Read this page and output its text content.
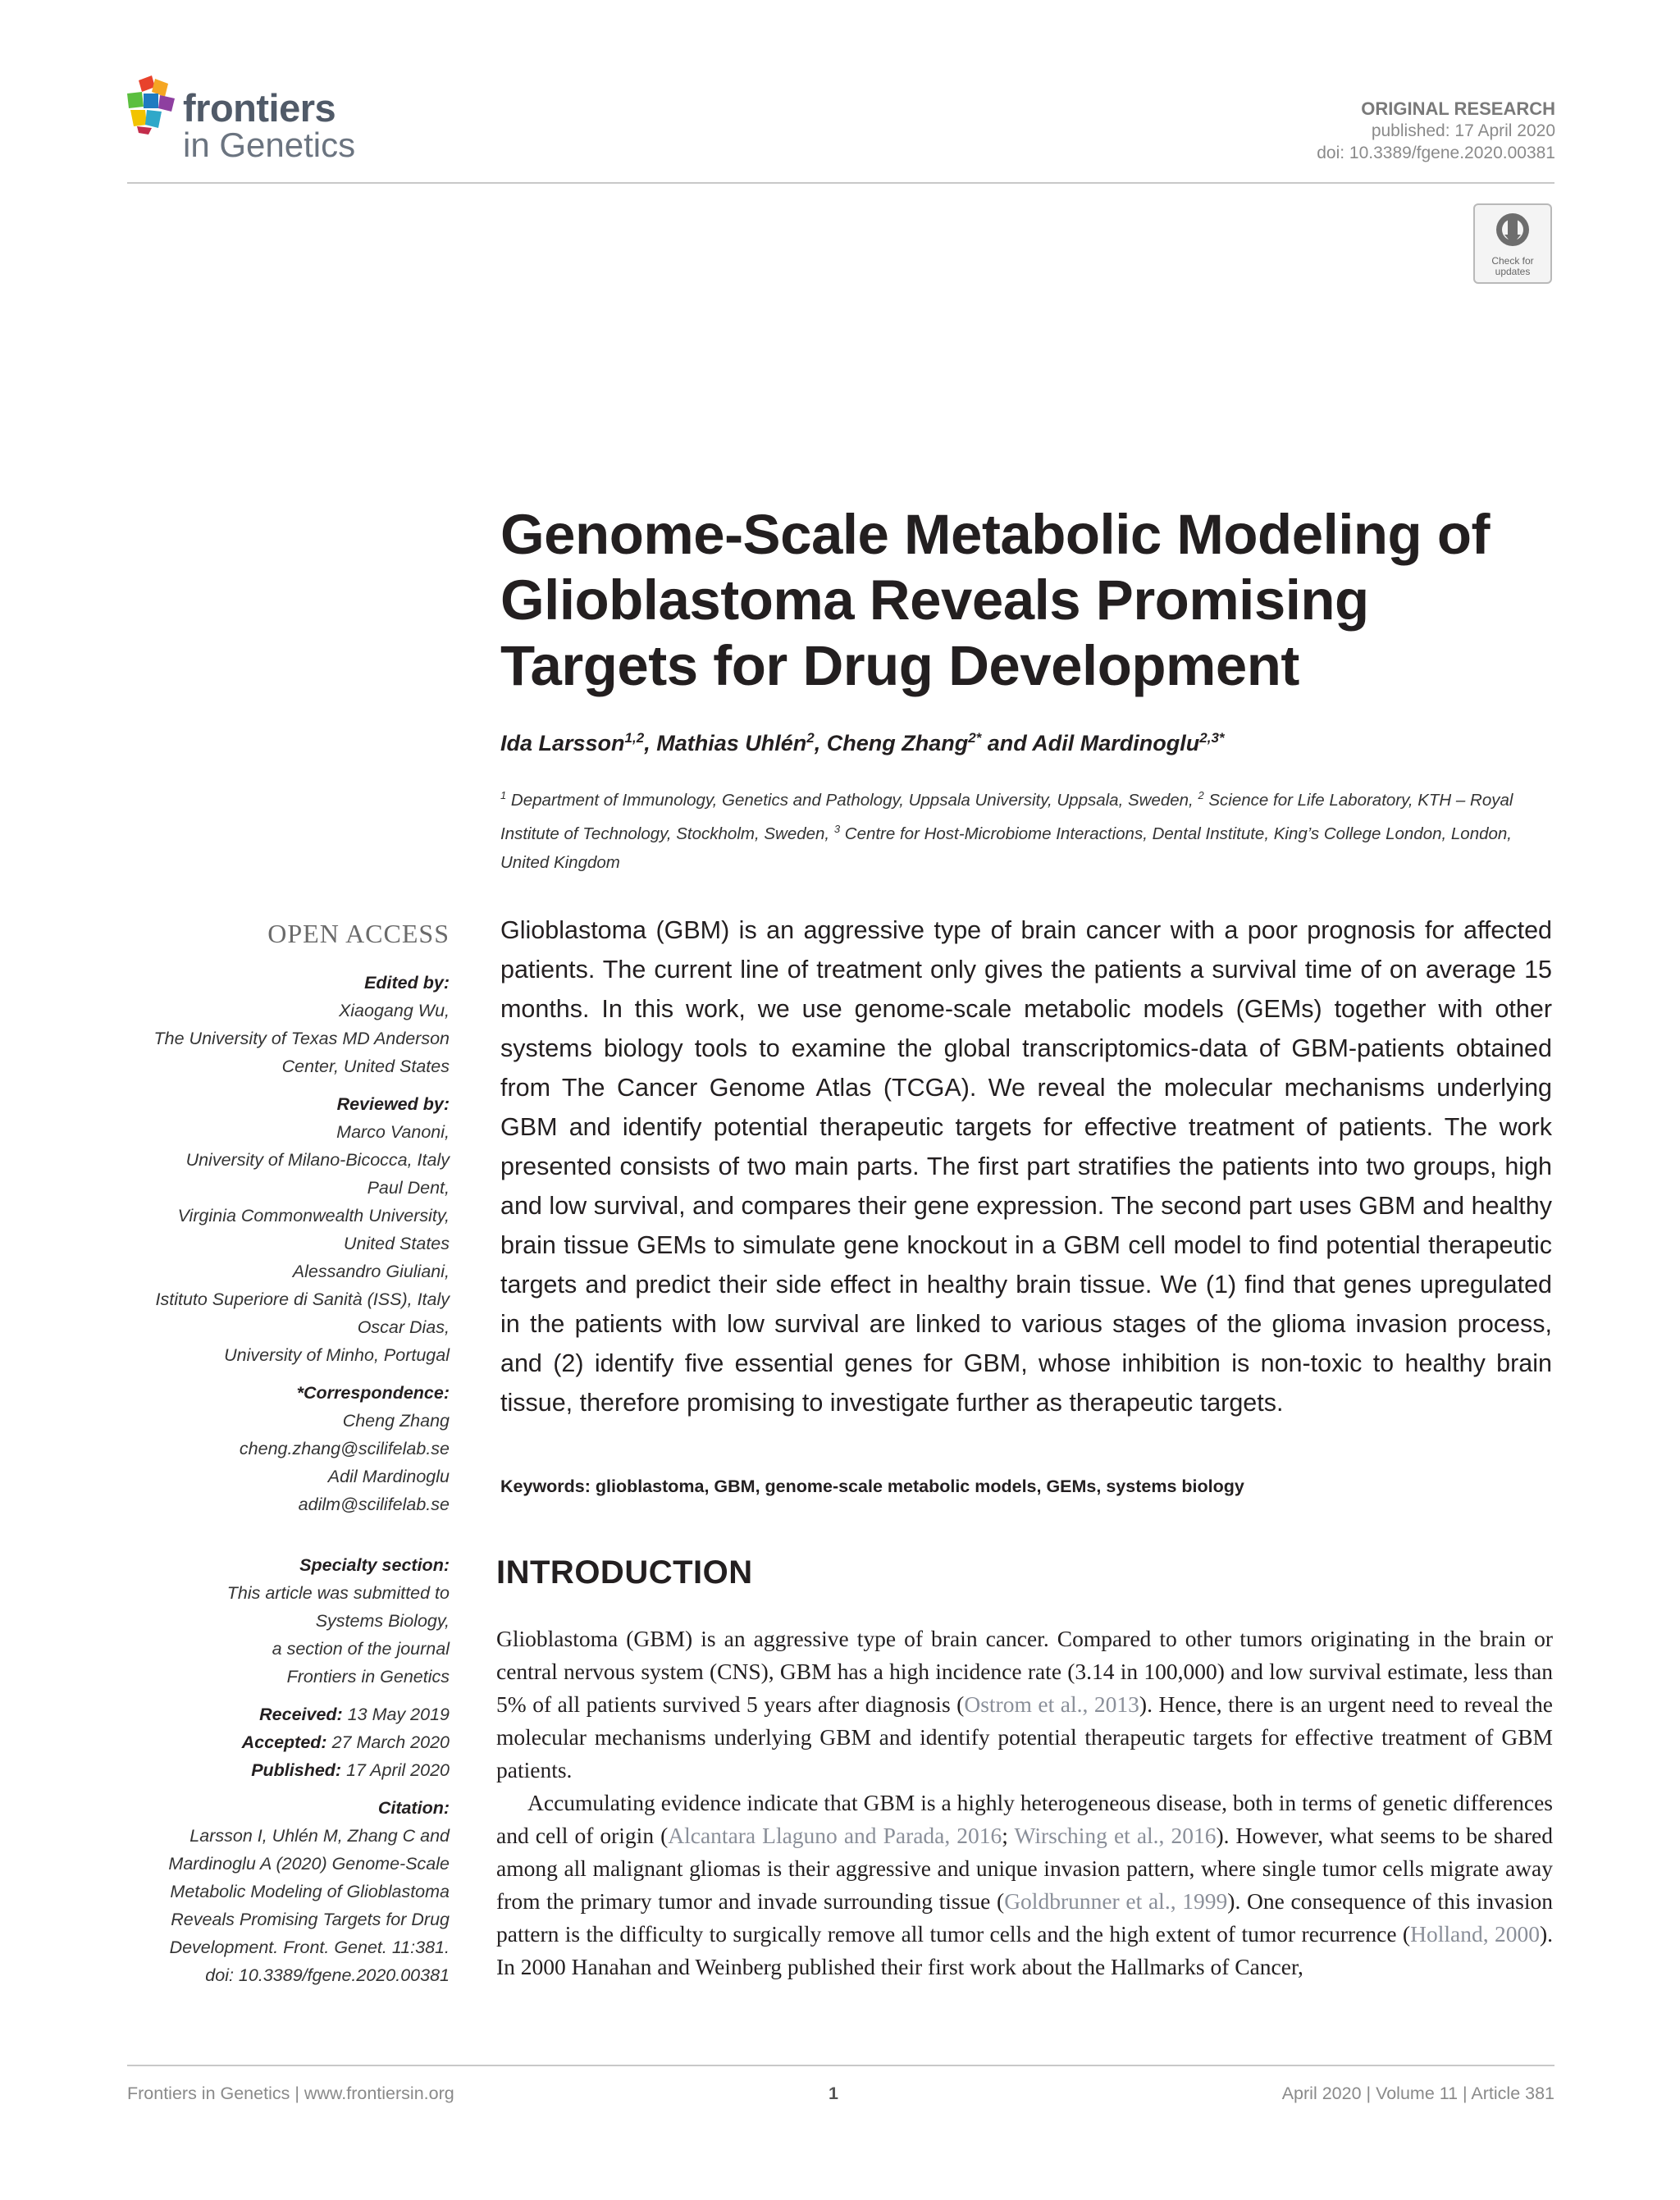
frontiers
in Genetics
ORIGINAL RESEARCH
published: 17 April 2020
doi: 10.3389/fgene.2020.00381
Check for updates
Genome-Scale Metabolic Modeling of Glioblastoma Reveals Promising Targets for Drug Development
Ida Larsson$^{1,2}$, Mathias Uhlén$^2$, Cheng Zhang$^{2*}$ and Adil Mardinoglu$^{2,3*}$
$^1$ Department of Immunology, Genetics and Pathology, Uppsala University, Uppsala, Sweden, $^2$ Science for Life Laboratory, KTH – Royal Institute of Technology, Stockholm, Sweden, $^3$ Centre for Host-Microbiome Interactions, Dental Institute, King’s College London, London, United Kingdom
OPEN ACCESS
Edited by:
Xiaogang Wu,
The University of Texas MD Anderson
Center, United States
Reviewed by:
Marco Vanoni,
University of Milano-Bicocca, Italy
Paul Dent,
Virginia Commonwealth University,
United States
Alessandro Giuliani,
Istituto Superiore di Sanità (ISS), Italy
Oscar Dias,
University of Minho, Portugal
*Correspondence:
Cheng Zhang
cheng.zhang@scilifelab.se
Adil Mardinoglu
adilm@scilifelab.se
Specialty section:
This article was submitted to
Systems Biology,
a section of the journal
Frontiers in Genetics
Received: 13 May 2019
Accepted: 27 March 2020
Published: 17 April 2020
Citation:
Larsson I, Uhlén M, Zhang C and
Mardinoglu A (2020) Genome-Scale
Metabolic Modeling of Glioblastoma
Reveals Promising Targets for Drug
Development. Front. Genet. 11:381.
doi: 10.3389/fgene.2020.00381
Glioblastoma (GBM) is an aggressive type of brain cancer with a poor prognosis for affected patients. The current line of treatment only gives the patients a survival time of on average 15 months. In this work, we use genome-scale metabolic models (GEMs) together with other systems biology tools to examine the global transcriptomics-data of GBM-patients obtained from The Cancer Genome Atlas (TCGA). We reveal the molecular mechanisms underlying GBM and identify potential therapeutic targets for effective treatment of patients. The work presented consists of two main parts. The first part stratifies the patients into two groups, high and low survival, and compares their gene expression. The second part uses GBM and healthy brain tissue GEMs to simulate gene knockout in a GBM cell model to find potential therapeutic targets and predict their side effect in healthy brain tissue. We (1) find that genes upregulated in the patients with low survival are linked to various stages of the glioma invasion process, and (2) identify five essential genes for GBM, whose inhibition is non-toxic to healthy brain tissue, therefore promising to investigate further as therapeutic targets.
Keywords: glioblastoma, GBM, genome-scale metabolic models, GEMs, systems biology
INTRODUCTION

Glioblastoma (GBM) is an aggressive type of brain cancer. Compared to other tumors originating in the brain or central nervous system (CNS), GBM has a high incidence rate (3.14 in 100,000) and low survival estimate, less than 5% of all patients survived 5 years after diagnosis (Ostrom et al., 2013). Hence, there is an urgent need to reveal the molecular mechanisms underlying GBM and identify potential therapeutic targets for effective treatment of GBM patients.

Accumulating evidence indicate that GBM is a highly heterogeneous disease, both in terms of genetic differences and cell of origin (Alcantara Llaguno and Parada, 2016; Wirsching et al., 2016). However, what seems to be shared among all malignant gliomas is their aggressive and unique invasion pattern, where single tumor cells migrate away from the primary tumor and invade surrounding tissue (Goldbrunner et al., 1999). One consequence of this invasion pattern is the difficulty to surgically remove all tumor cells and the high extent of tumor recurrence (Holland, 2000). In 2000 Hanahan and Weinberg published their first work about the Hallmarks of Cancer,

Frontiers in Genetics | www.frontiersin.org	1	April 2020 | Volume 11 | Article 381
